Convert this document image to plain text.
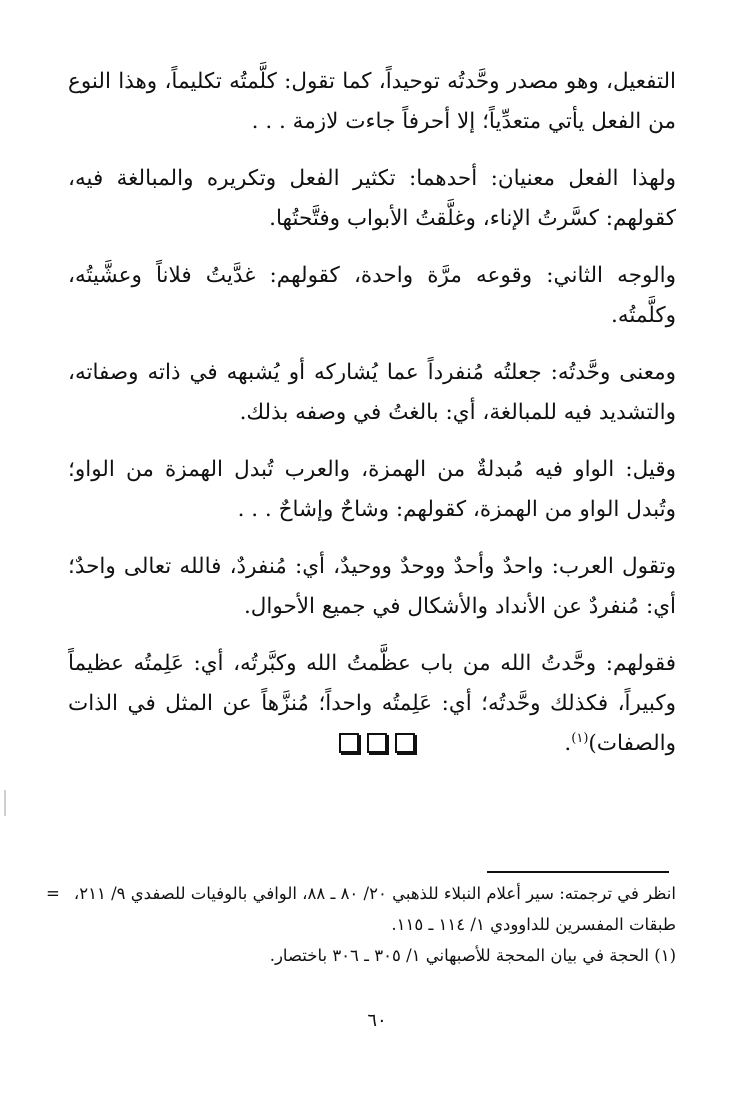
التفعيل، وهو مصدر وحَّدتُه توحيداً، كما تقول: كلَّمتُه تكليماً، وهذا النوع من الفعل يأتي متعدِّياً؛ إلا أحرفاً جاءت لازمة . . .

ولهذا الفعل معنيان: أحدهما: تكثير الفعل وتكريره والمبالغة فيه، كقولهم: كسَّرتُ الإناء، وغلَّقتُ الأبواب وفتَّحتُها.

والوجه الثاني: وقوعه مرَّة واحدة، كقولهم: غدَّيتُ فلاناً وعشَّيتُه، وكلَّمتُه.

ومعنى وحَّدتُه: جعلتُه مُنفرداً عما يُشاركه أو يُشبهه في ذاته وصفاته، والتشديد فيه للمبالغة، أي: بالغتُ في وصفه بذلك.

وقيل: الواو فيه مُبدلةٌ من الهمزة، والعرب تُبدل الهمزة من الواو؛ وتُبدل الواو من الهمزة، كقولهم: وشاحٌ وإشاحٌ . . .

وتقول العرب: واحدٌ وأحدٌ ووحدٌ ووحيدٌ، أي: مُنفردٌ، فالله تعالى واحدٌ؛ أي: مُنفردٌ عن الأنداد والأشكال في جميع الأحوال.

فقولهم: وحَّدتُ الله من باب عظَّمتُ الله وكبَّرتُه، أي: عَلِمتُه عظيماً وكبيراً، فكذلك وحَّدتُه؛ أي: عَلِمتُه واحداً؛ مُنزَّهاً عن المثل في الذات والصفات)$^{(١)}$.

= انظر في ترجمته: سير أعلام النبلاء للذهبي ٢٠/ ٨٠ ـ ٨٨، الوافي بالوفيات للصفدي ٩/ ٢١١، طبقات المفسرين للداوودي ١/ ١١٤ ـ ١١٥.

(١) الحجة في بيان المحجة للأصبهاني ١/ ٣٠٥ ـ ٣٠٦ باختصار.

٦٠
